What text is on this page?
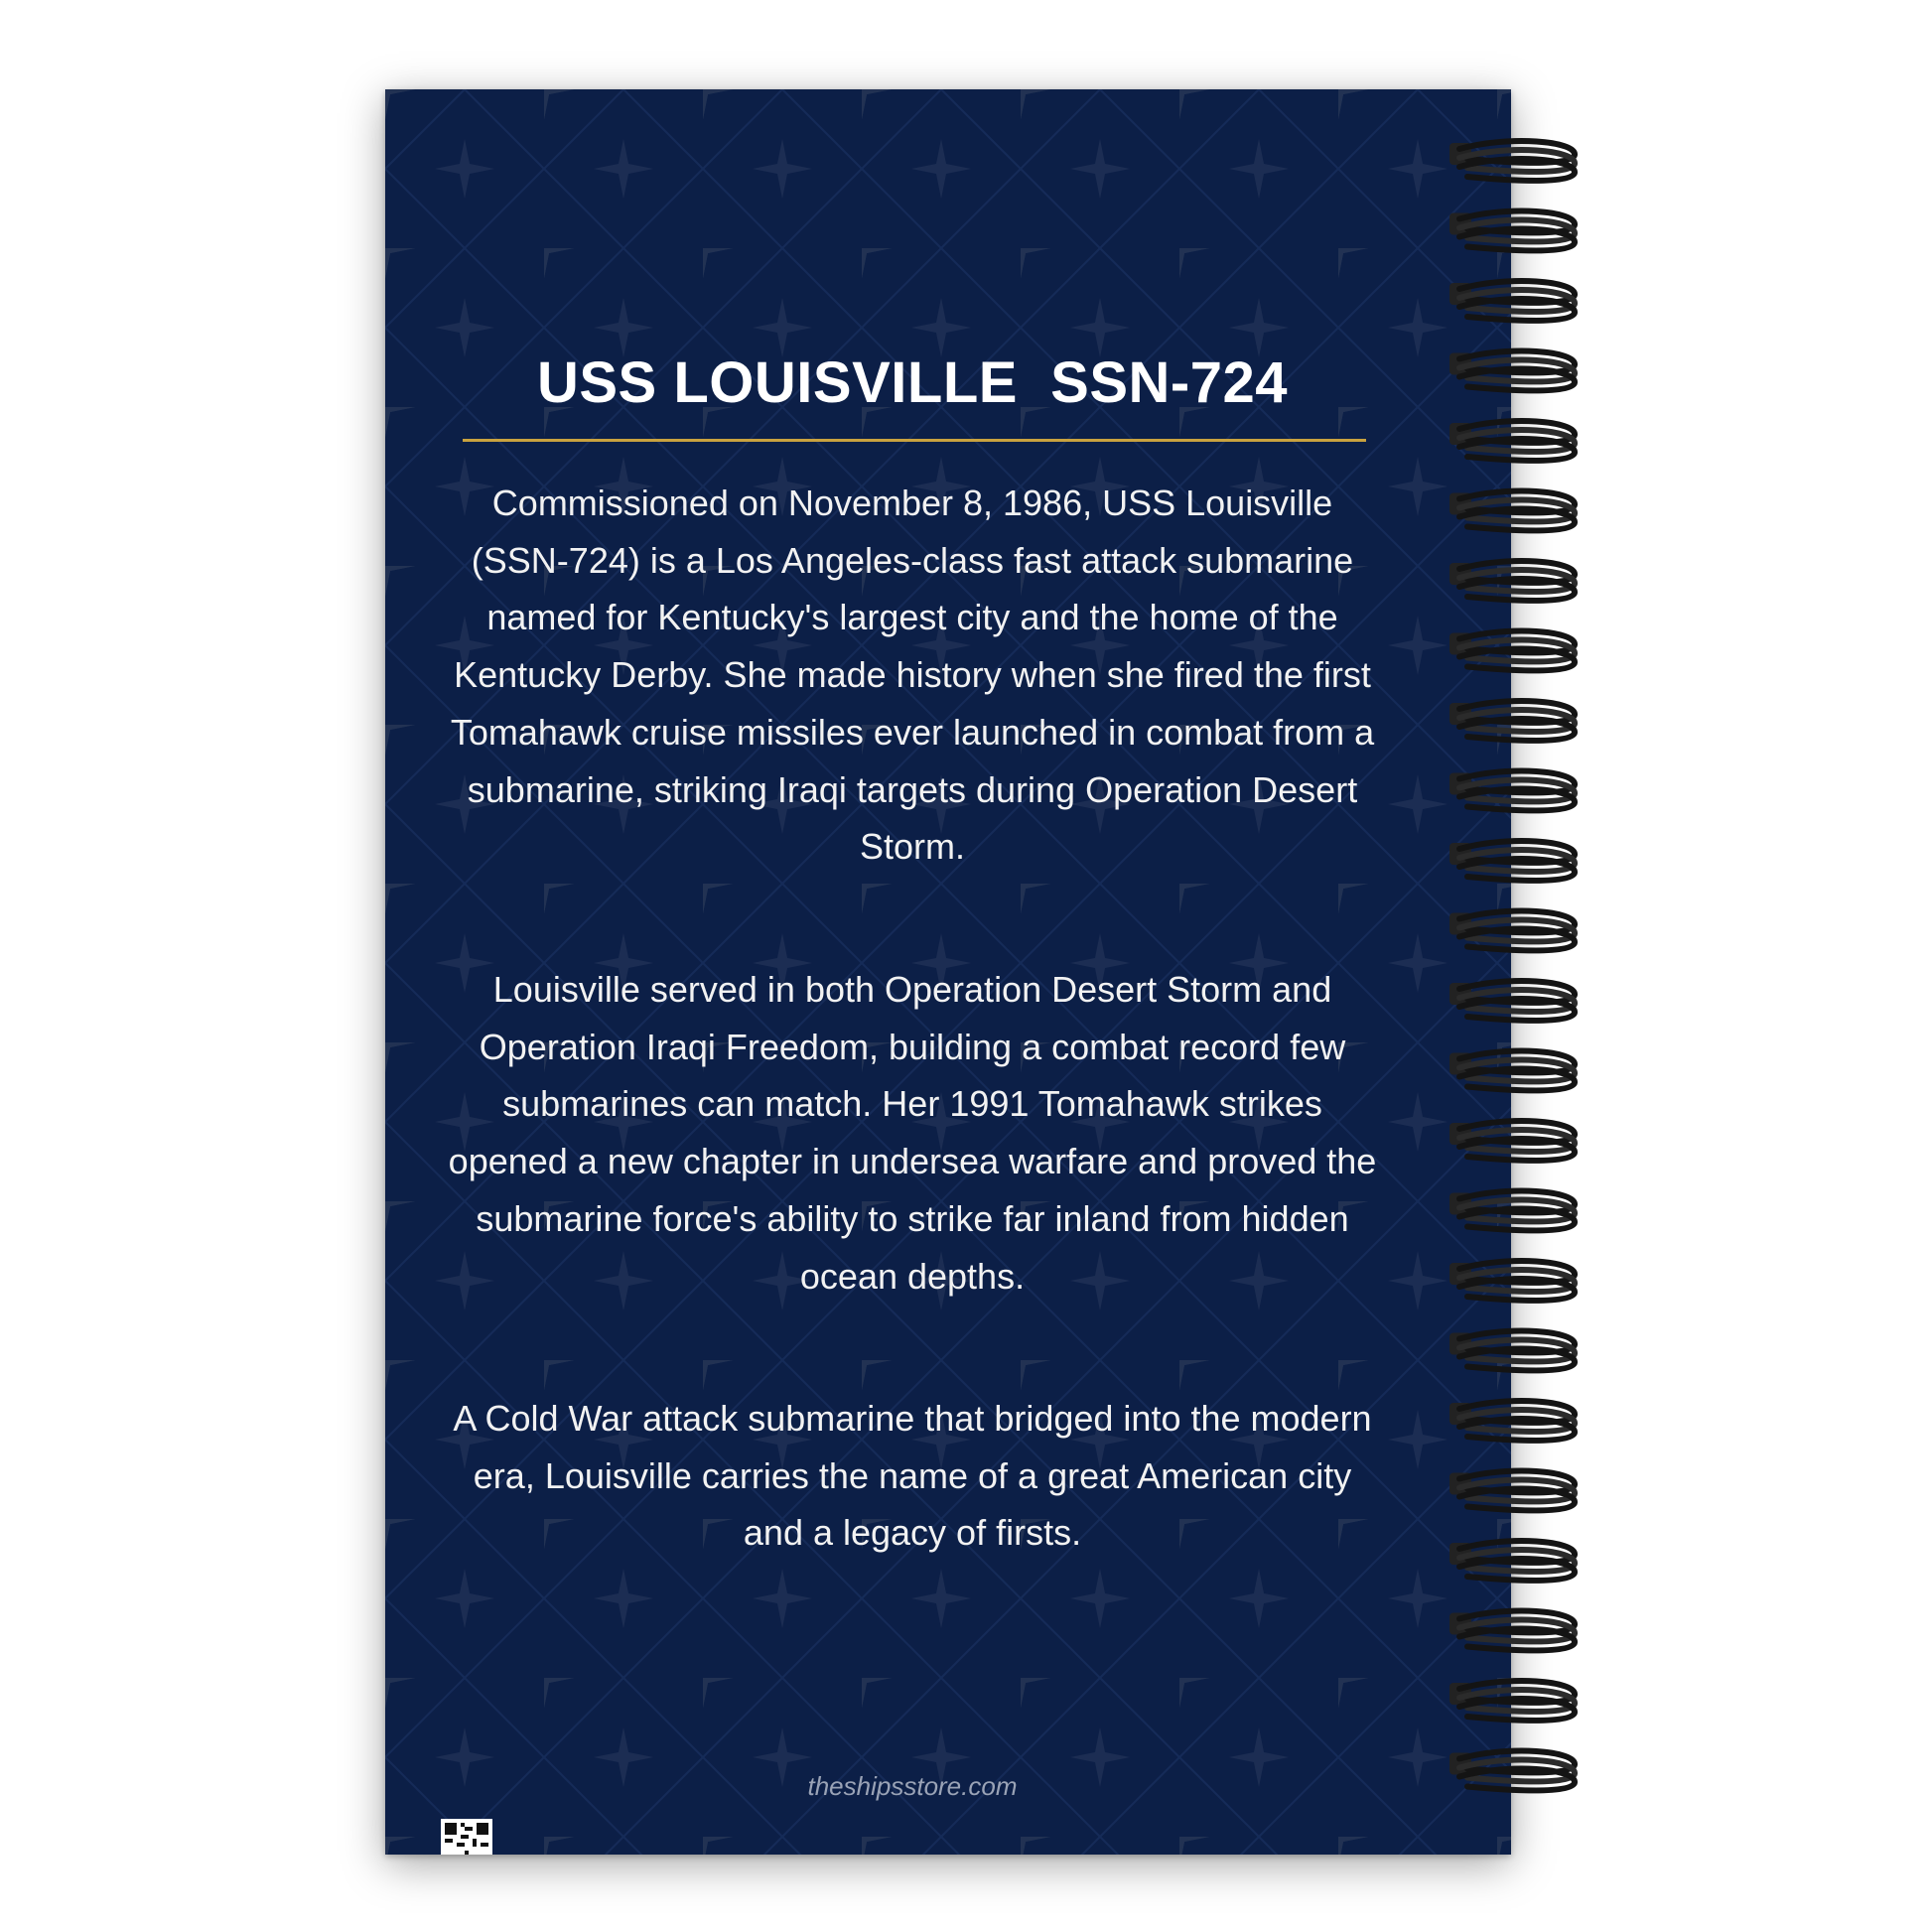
USS LOUISVILLE  SSN-724
Commissioned on November 8, 1986, USS Louisville (SSN-724) is a Los Angeles-class fast attack submarine named for Kentucky's largest city and the home of the Kentucky Derby. She made history when she fired the first Tomahawk cruise missiles ever launched in combat from a submarine, striking Iraqi targets during Operation Desert Storm.
Louisville served in both Operation Desert Storm and Operation Iraqi Freedom, building a combat record few submarines can match. Her 1991 Tomahawk strikes opened a new chapter in undersea warfare and proved the submarine force's ability to strike far inland from hidden ocean depths.
A Cold War attack submarine that bridged into the modern era, Louisville carries the name of a great American city and a legacy of firsts.
theshipsstore.com
